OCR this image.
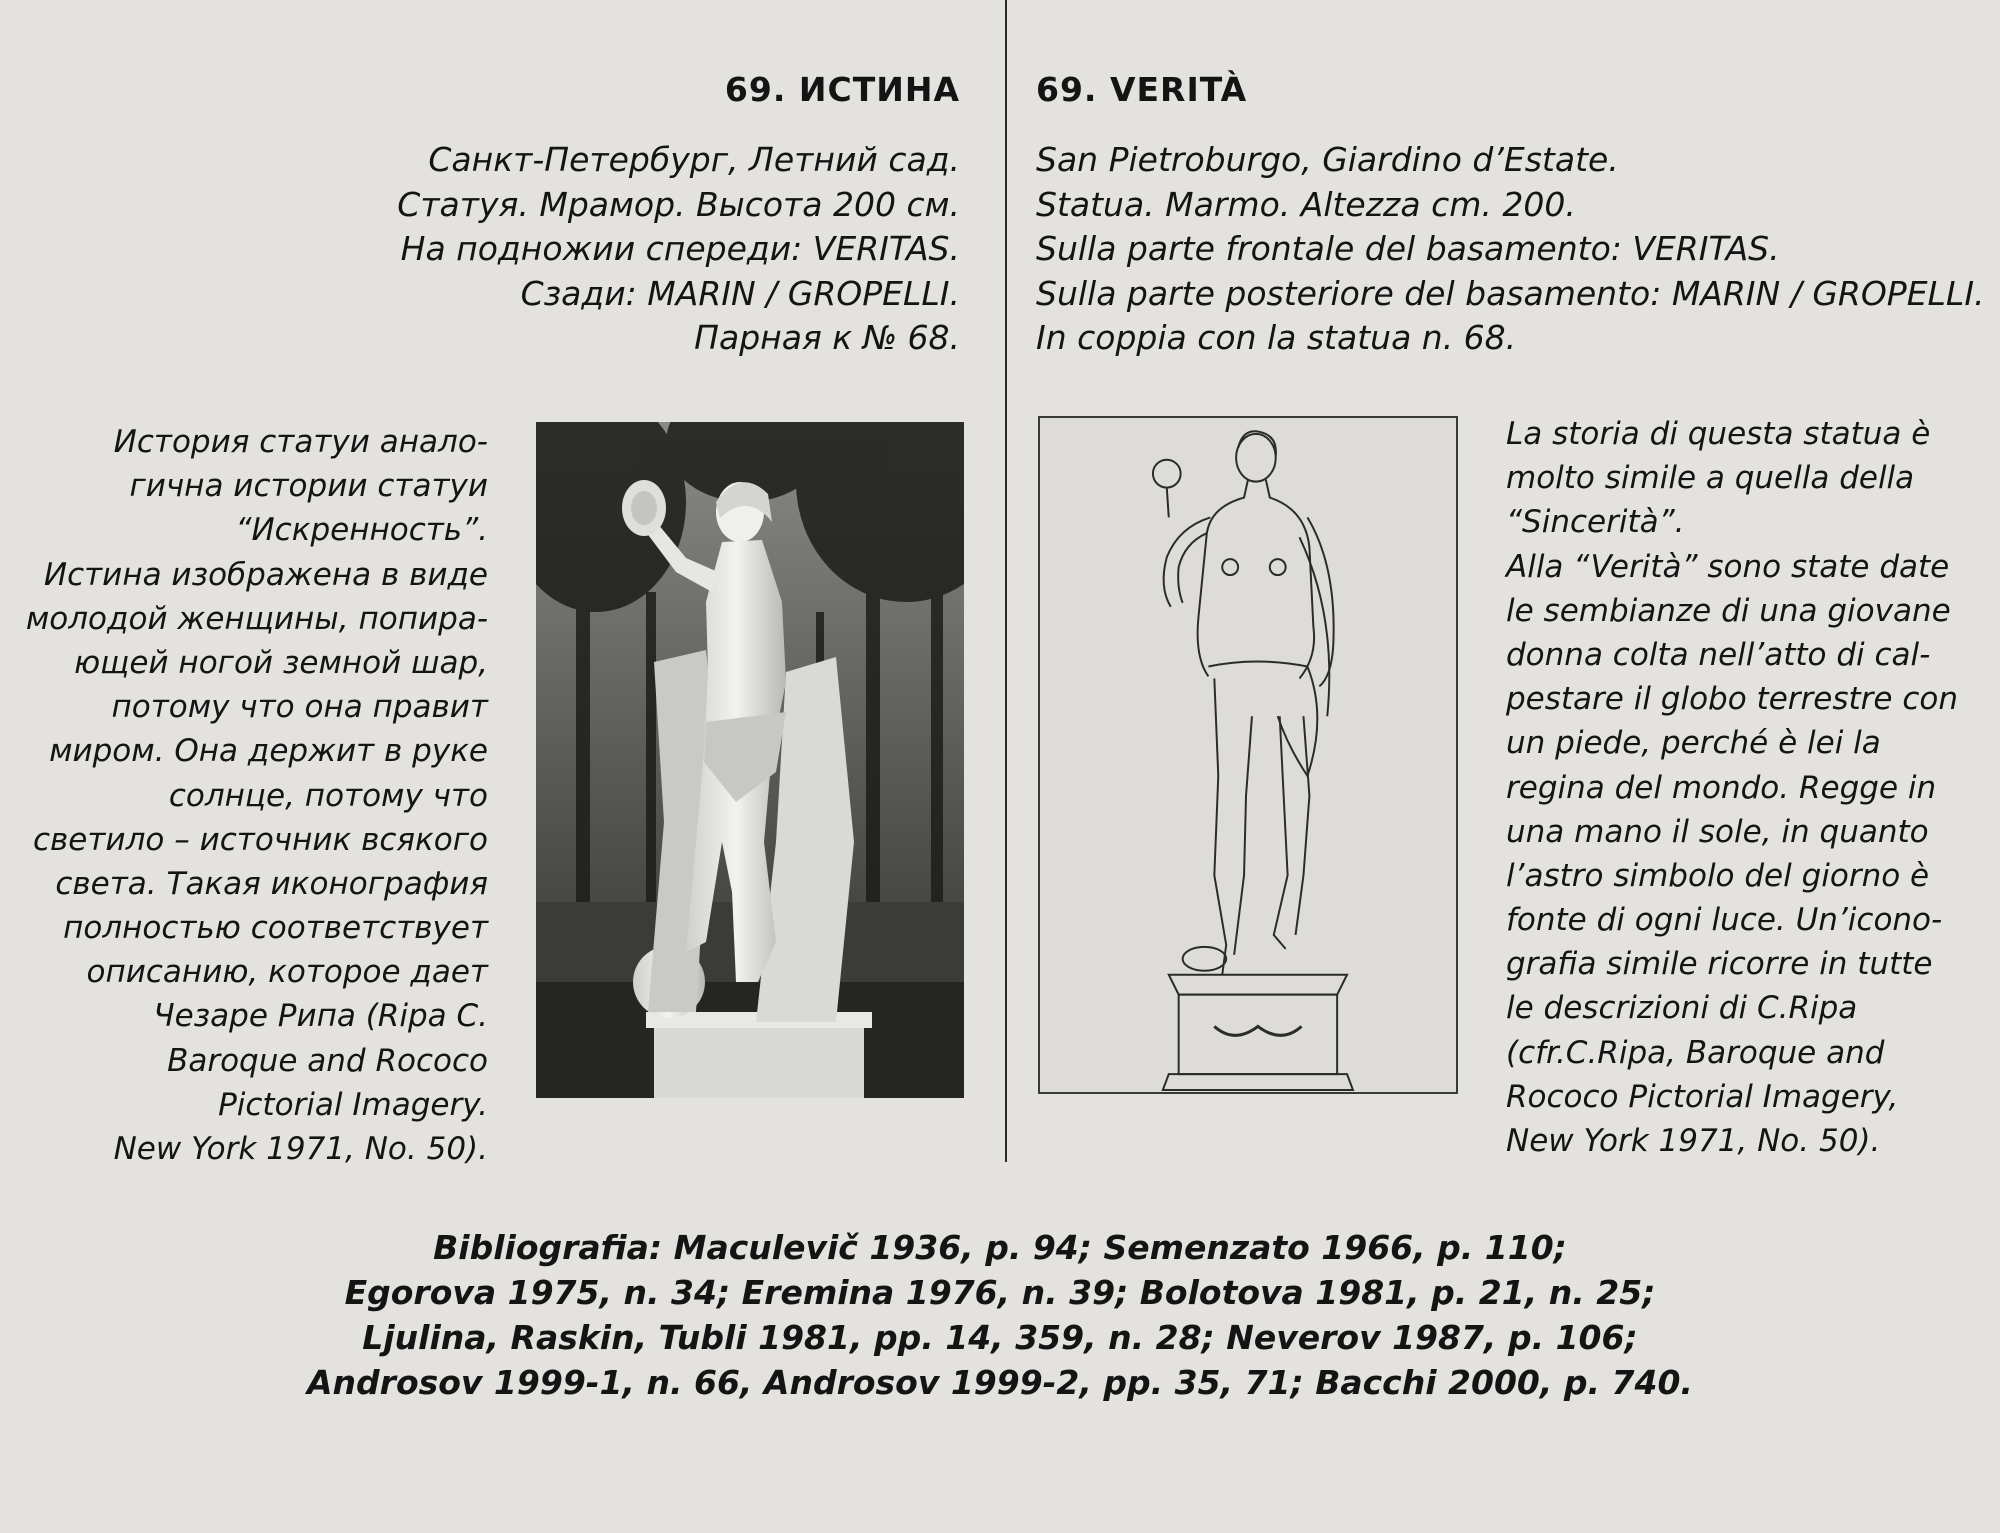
69. ИСТИНА
Санкт-Петербург, Летний сад.
Статуя. Мрамор. Высота 200 см.
На подножии спереди: VERITAS.
Сзади: MARIN / GROPELLI.
Парная к № 68.
69. VERITÀ
San Pietroburgo, Giardino d’Estate.
Statua. Marmo. Altezza cm. 200.
Sulla parte frontale del basamento: VERITAS.
Sulla parte posteriore del basamento: MARIN / GROPELLI.
In coppia con la statua n. 68.
История статуи анало-
гична истории статуи
“Искренность”.
Истина изображена в виде
молодой женщины, попира-
ющей ногой земной шар,
потому что она правит
миром. Она держит в руке
солнце, потому что
светило – источник всякого
света. Такая иконография
полностью соответствует
описанию, которое дает
Чезаре Рипа (Ripa C.
Baroque and Rococo
Pictorial Imagery.
New York 1971, No. 50).
La storia di questa statua è
molto simile a quella della
“Sincerità”.
Alla “Verità” sono state date
le sembianze di una giovane
donna colta nell’atto di cal-
pestare il globo terrestre con
un piede, perché è lei la
regina del mondo. Regge in
una mano il sole, in quanto
l’astro simbolo del giorno è
fonte di ogni luce. Un’icono-
grafia simile ricorre in tutte
le descrizioni di C.Ripa
(cfr.C.Ripa, Baroque and
Rococo Pictorial Imagery,
New York 1971, No. 50).
Bibliografia: Maculevič 1936, p. 94; Semenzato 1966, p. 110;
Egorova 1975, n. 34; Eremina 1976, n. 39; Bolotova 1981, p. 21, n. 25;
Ljulina, Raskin, Tubli 1981, pp. 14, 359, n. 28; Neverov 1987, p. 106;
Androsov 1999-1, n. 66, Androsov 1999-2, pp. 35, 71; Bacchi 2000, p. 740.
